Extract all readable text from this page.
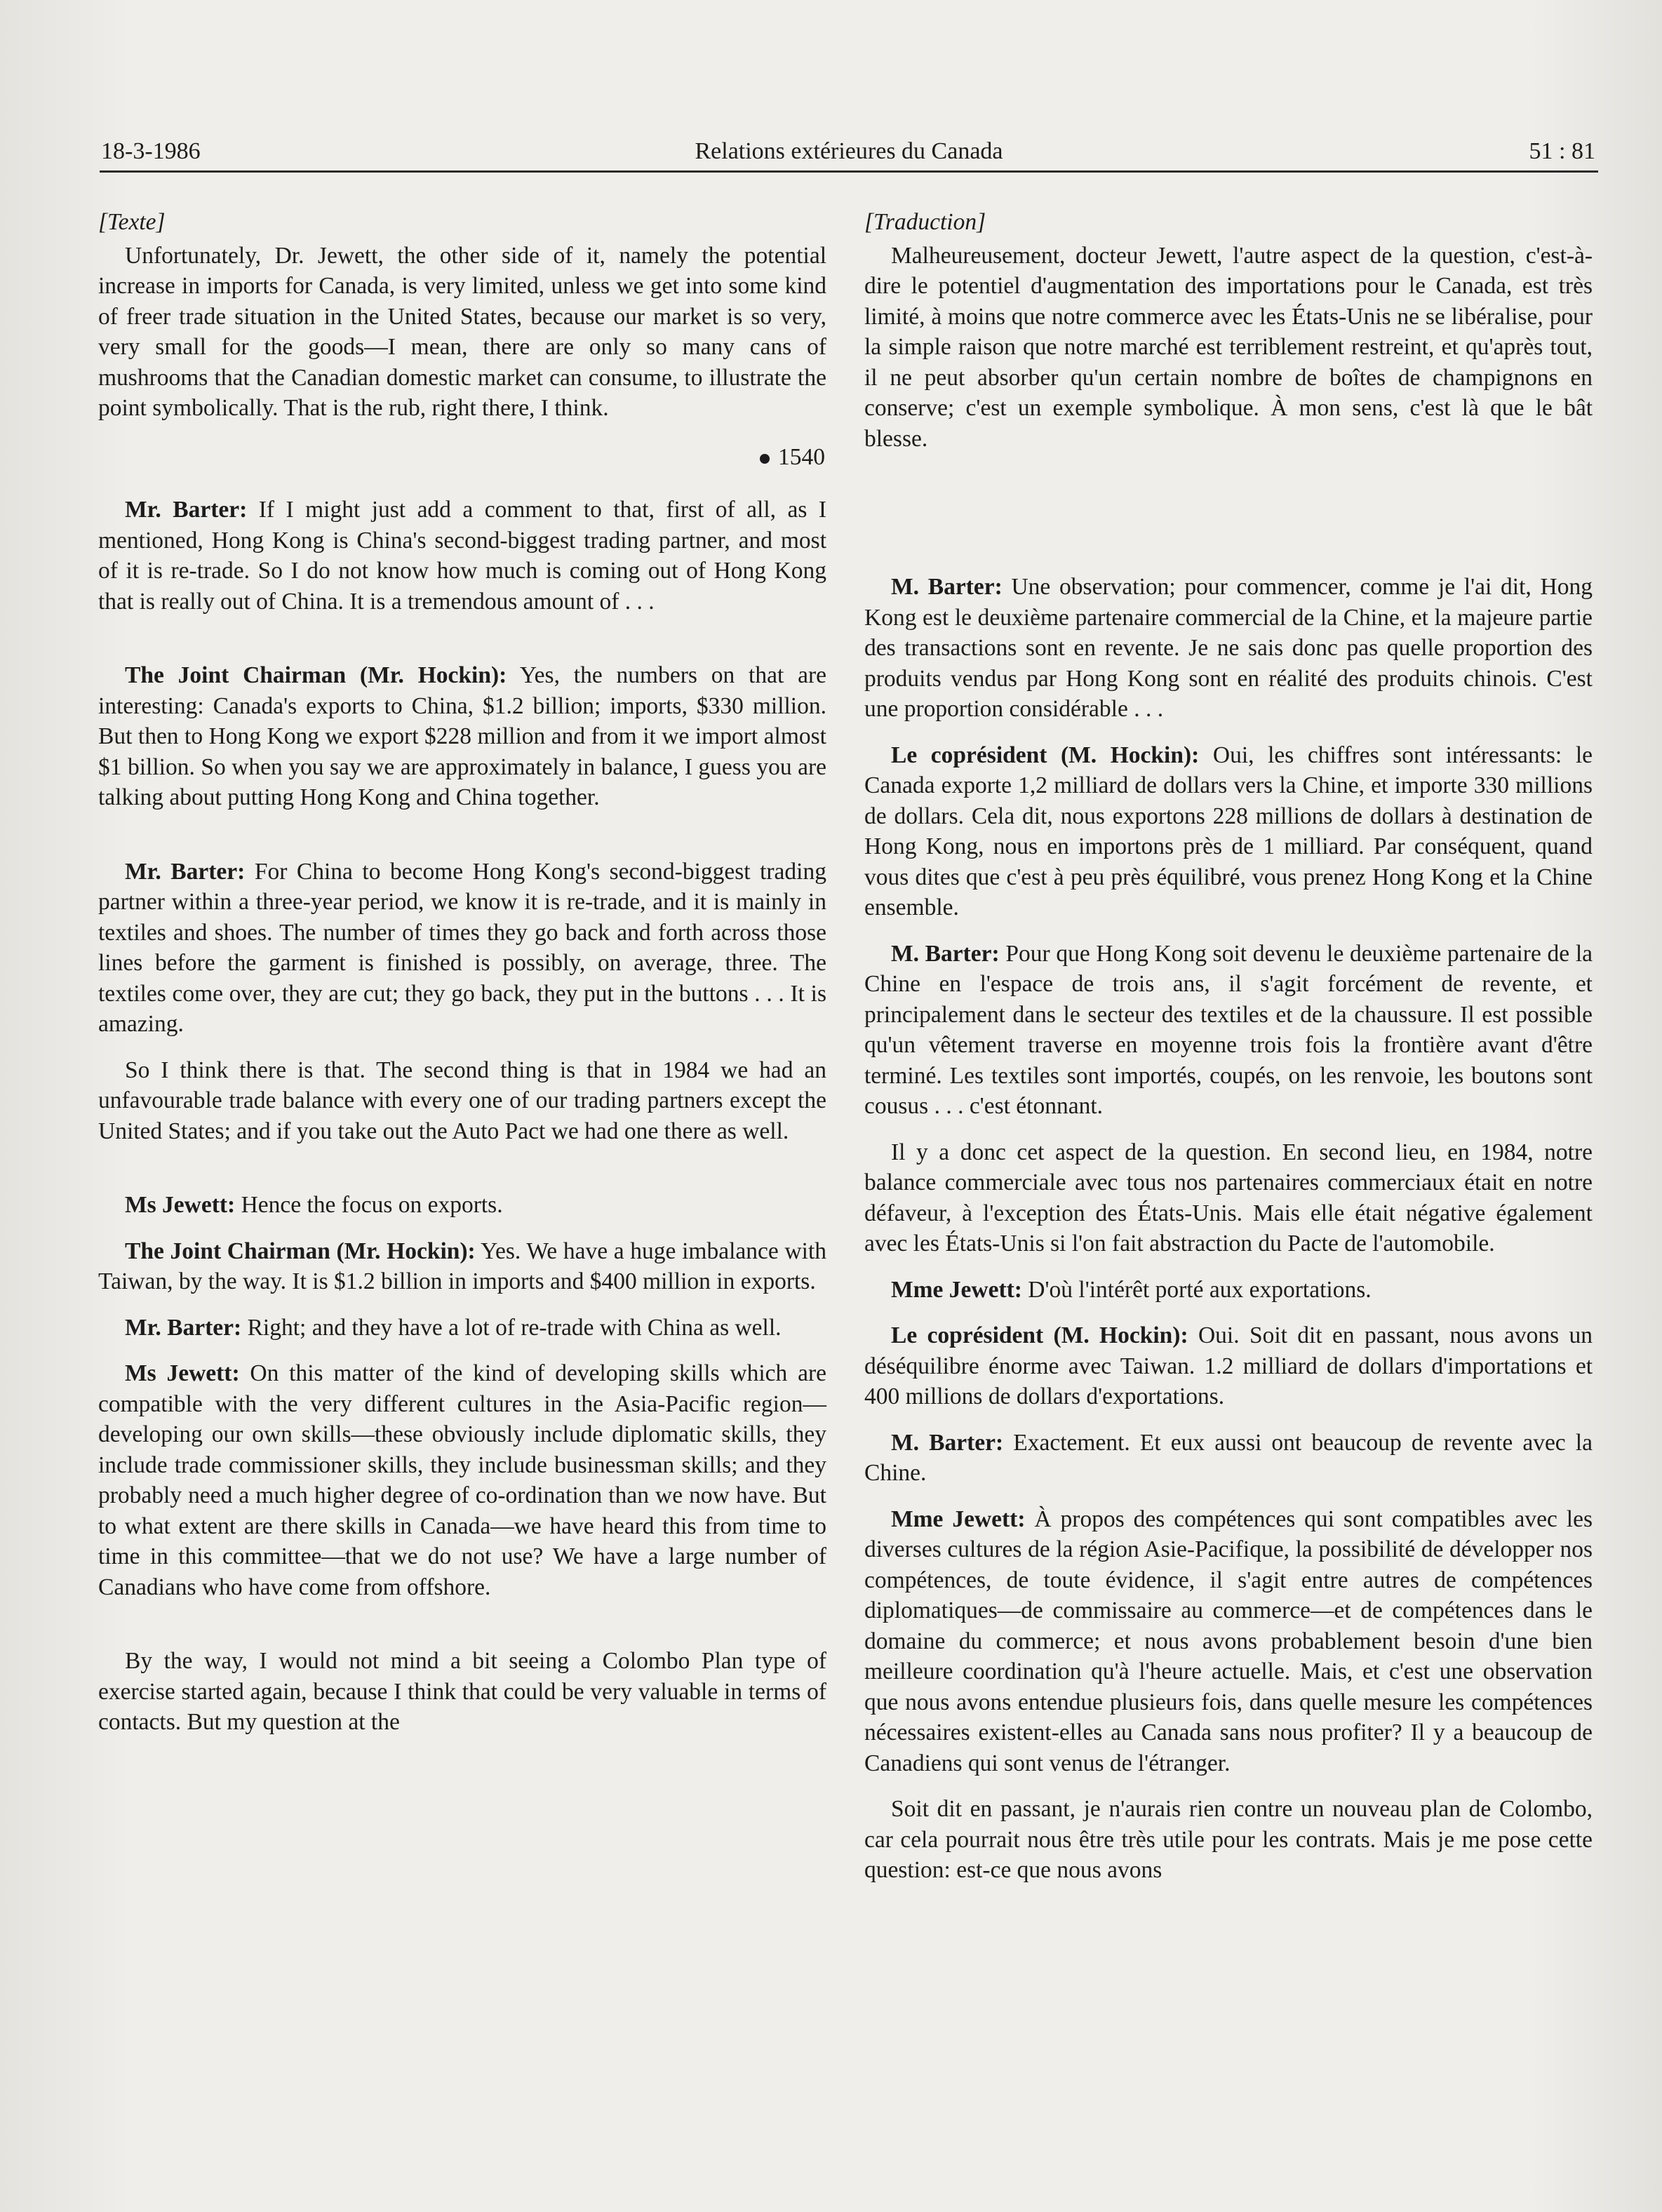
18-3-1986	Relations extérieures du Canada	51 : 81
[Texte]

Unfortunately, Dr. Jewett, the other side of it, namely the potential increase in imports for Canada, is very limited, unless we get into some kind of freer trade situation in the United States, because our market is so very, very small for the goods—I mean, there are only so many cans of mushrooms that the Canadian domestic market can consume, to illustrate the point symbolically. That is the rub, right there, I think.

1540

Mr. Barter: If I might just add a comment to that, first of all, as I mentioned, Hong Kong is China's second-biggest trading partner, and most of it is re-trade. So I do not know how much is coming out of Hong Kong that is really out of China. It is a tremendous amount of . . .

The Joint Chairman (Mr. Hockin): Yes, the numbers on that are interesting: Canada's exports to China, $1.2 billion; imports, $330 million. But then to Hong Kong we export $228 million and from it we import almost $1 billion. So when you say we are approximately in balance, I guess you are talking about putting Hong Kong and China together.

Mr. Barter: For China to become Hong Kong's second-biggest trading partner within a three-year period, we know it is re-trade, and it is mainly in textiles and shoes. The number of times they go back and forth across those lines before the garment is finished is possibly, on average, three. The textiles come over, they are cut; they go back, they put in the buttons . . . It is amazing.

So I think there is that. The second thing is that in 1984 we had an unfavourable trade balance with every one of our trading partners except the United States; and if you take out the Auto Pact we had one there as well.

Ms Jewett: Hence the focus on exports.

The Joint Chairman (Mr. Hockin): Yes. We have a huge imbalance with Taiwan, by the way. It is $1.2 billion in imports and $400 million in exports.

Mr. Barter: Right; and they have a lot of re-trade with China as well.

Ms Jewett: On this matter of the kind of developing skills which are compatible with the very different cultures in the Asia-Pacific region—developing our own skills—these obviously include diplomatic skills, they include trade commissioner skills, they include businessman skills; and they probably need a much higher degree of co-ordination than we now have. But to what extent are there skills in Canada—we have heard this from time to time in this committee—that we do not use? We have a large number of Canadians who have come from offshore.

By the way, I would not mind a bit seeing a Colombo Plan type of exercise started again, because I think that could be very valuable in terms of contacts. But my question at the

[Traduction]

Malheureusement, docteur Jewett, l'autre aspect de la question, c'est-à-dire le potentiel d'augmentation des importations pour le Canada, est très limité, à moins que notre commerce avec les États-Unis ne se libéralise, pour la simple raison que notre marché est terriblement restreint, et qu'après tout, il ne peut absorber qu'un certain nombre de boîtes de champignons en conserve; c'est un exemple symbolique. À mon sens, c'est là que le bât blesse.

M. Barter: Une observation; pour commencer, comme je l'ai dit, Hong Kong est le deuxième partenaire commercial de la Chine, et la majeure partie des transactions sont en revente. Je ne sais donc pas quelle proportion des produits vendus par Hong Kong sont en réalité des produits chinois. C'est une proportion considérable . . .

Le coprésident (M. Hockin): Oui, les chiffres sont intéressants: le Canada exporte 1,2 milliard de dollars vers la Chine, et importe 330 millions de dollars. Cela dit, nous exportons 228 millions de dollars à destination de Hong Kong, nous en importons près de 1 milliard. Par conséquent, quand vous dites que c'est à peu près équilibré, vous prenez Hong Kong et la Chine ensemble.

M. Barter: Pour que Hong Kong soit devenu le deuxième partenaire de la Chine en l'espace de trois ans, il s'agit forcément de revente, et principalement dans le secteur des textiles et de la chaussure. Il est possible qu'un vêtement traverse en moyenne trois fois la frontière avant d'être terminé. Les textiles sont importés, coupés, on les renvoie, les boutons sont cousus . . . c'est étonnant.

Il y a donc cet aspect de la question. En second lieu, en 1984, notre balance commerciale avec tous nos partenaires commerciaux était en notre défaveur, à l'exception des États-Unis. Mais elle était négative également avec les États-Unis si l'on fait abstraction du Pacte de l'automobile.

Mme Jewett: D'où l'intérêt porté aux exportations.

Le coprésident (M. Hockin): Oui. Soit dit en passant, nous avons un déséquilibre énorme avec Taiwan. 1.2 milliard de dollars d'importations et 400 millions de dollars d'exportations.

M. Barter: Exactement. Et eux aussi ont beaucoup de revente avec la Chine.

Mme Jewett: À propos des compétences qui sont compatibles avec les diverses cultures de la région Asie-Pacifique, la possibilité de développer nos compétences, de toute évidence, il s'agit entre autres de compétences diplomatiques—de commissaire au commerce—et de compétences dans le domaine du commerce; et nous avons probablement besoin d'une bien meilleure coordination qu'à l'heure actuelle. Mais, et c'est une observation que nous avons entendue plusieurs fois, dans quelle mesure les compétences nécessaires existent-elles au Canada sans nous profiter? Il y a beaucoup de Canadiens qui sont venus de l'étranger.

Soit dit en passant, je n'aurais rien contre un nouveau plan de Colombo, car cela pourrait nous être très utile pour les contrats. Mais je me pose cette question: est-ce que nous avons
